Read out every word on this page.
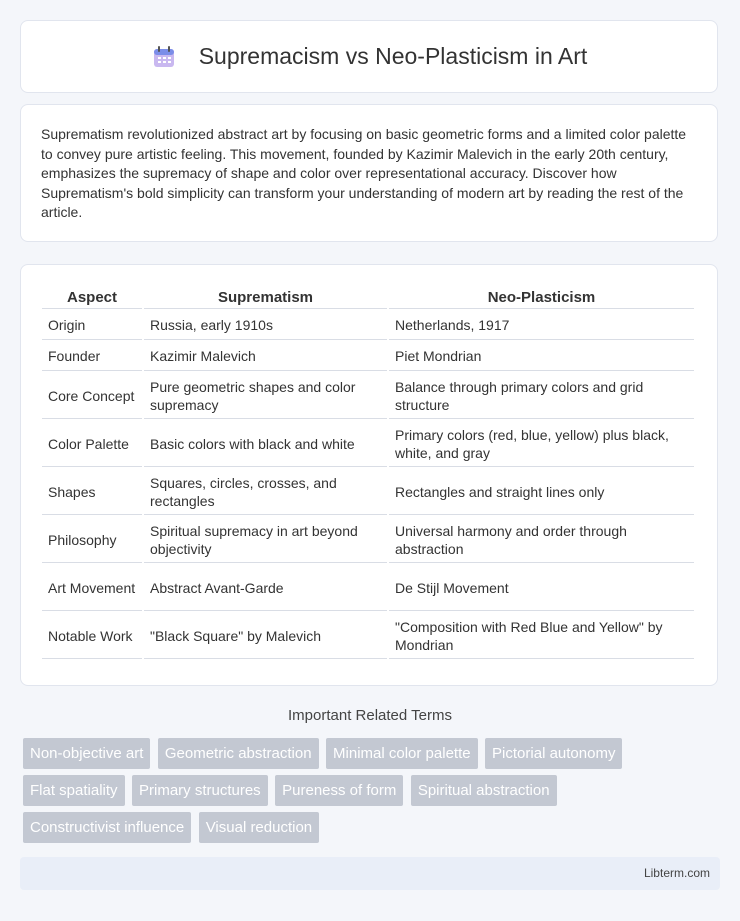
Supremacism vs Neo-Plasticism in Art

Suprematism revolutionized abstract art by focusing on basic geometric forms and a limited color palette to convey pure artistic feeling. This movement, founded by Kazimir Malevich in the early 20th century, emphasizes the supremacy of shape and color over representational accuracy. Discover how Suprematism's bold simplicity can transform your understanding of modern art by reading the rest of the article.

Aspect	Suprematism	Neo-Plasticism
Origin	Russia, early 1910s	Netherlands, 1917
Founder	Kazimir Malevich	Piet Mondrian
Core Concept	Pure geometric shapes and color supremacy	Balance through primary colors and grid structure
Color Palette	Basic colors with black and white	Primary colors (red, blue, yellow) plus black, white, and gray
Shapes	Squares, circles, crosses, and rectangles	Rectangles and straight lines only
Philosophy	Spiritual supremacy in art beyond objectivity	Universal harmony and order through abstraction
Art Movement	Abstract Avant-Garde	De Stijl Movement
Notable Work	"Black Square" by Malevich	"Composition with Red Blue and Yellow" by Mondrian
Important Related Terms
Non-objective art Geometric abstraction Minimal color palette Pictorial autonomy Flat spatiality Primary structures Pureness of form Spiritual abstraction Constructivist influence Visual reduction
Libterm.com
